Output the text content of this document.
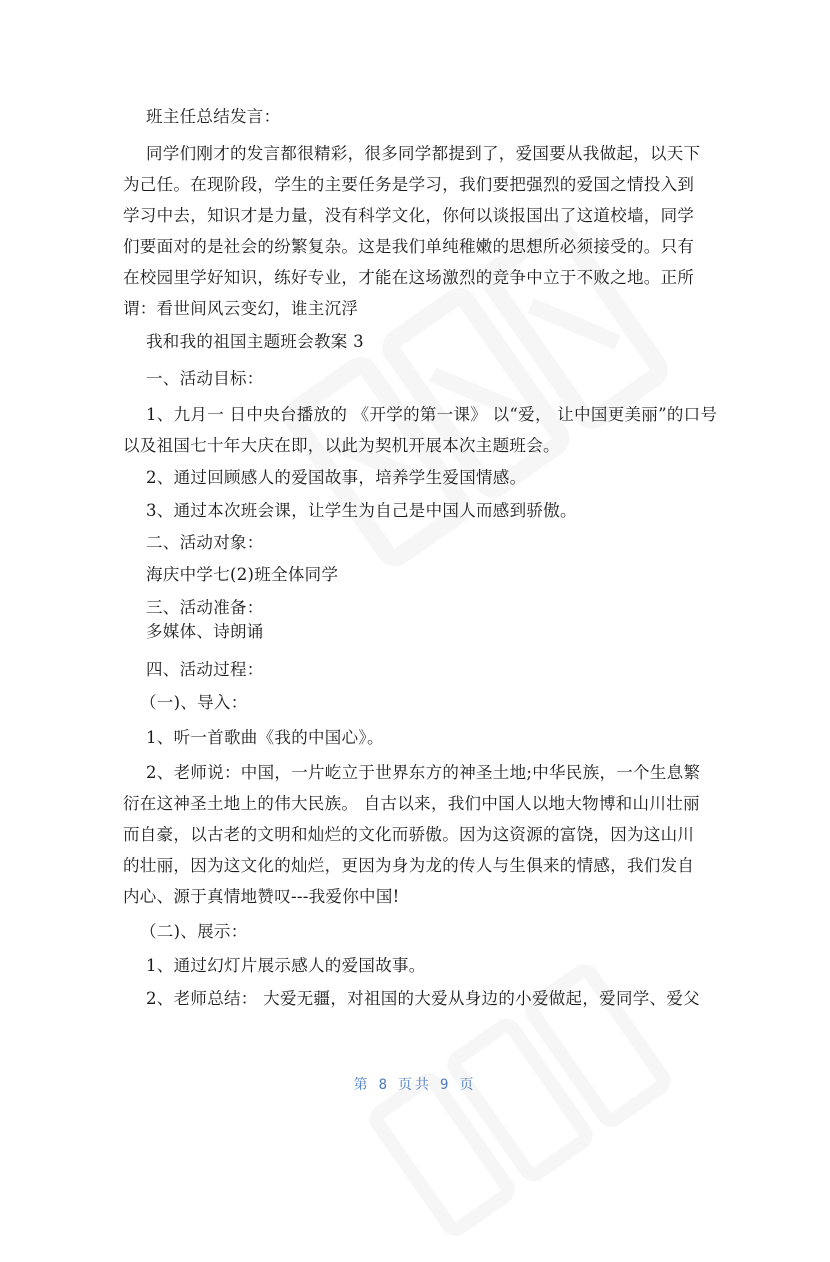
班主任总结发言：
同学们刚才的发言都很精彩，很多同学都提到了，爱国要从我做起，以天下
为己任。在现阶段，学生的主要任务是学习，我们要把强烈的爱国之情投入到
学习中去，知识才是力量，没有科学文化，你何以谈报国出了这道校墙，同学
们要面对的是社会的纷繁复杂。这是我们单纯稚嫩的思想所必须接受的。只有
在校园里学好知识，练好专业，才能在这场激烈的竞争中立于不败之地。正所
谓：看世间风云变幻，谁主沉浮
我和我的祖国主题班会教案 3
一、活动目标：
1、九月一 日中央台播放的 《开学的第一课》 以“爱， 让中国更美丽”的口号
以及祖国七十年大庆在即，以此为契机开展本次主题班会。
2、通过回顾感人的爱国故事，培养学生爱国情感。
3、通过本次班会课，让学生为自己是中国人而感到骄傲。
二、活动对象：
海庆中学七(2)班全体同学
三、活动准备：
多媒体、诗朗诵
四、活动过程：
（一)、导入：
1、听一首歌曲《我的中国心》。
2、老师说：中国，一片屹立于世界东方的神圣土地;中华民族，一个生息繁
衍在这神圣土地上的伟大民族。 自古以来，我们中国人以地大物博和山川壮丽
而自豪，以古老的文明和灿烂的文化而骄傲。因为这资源的富饶，因为这山川
的壮丽，因为这文化的灿烂，更因为身为龙的传人与生俱来的情感，我们发自
内心、源于真情地赞叹---我爱你中国!
（二)、展示：
1、通过幻灯片展示感人的爱国故事。
2、老师总结： 大爱无疆，对祖国的大爱从身边的小爱做起，爱同学、爱父
第 8 页共 9 页
